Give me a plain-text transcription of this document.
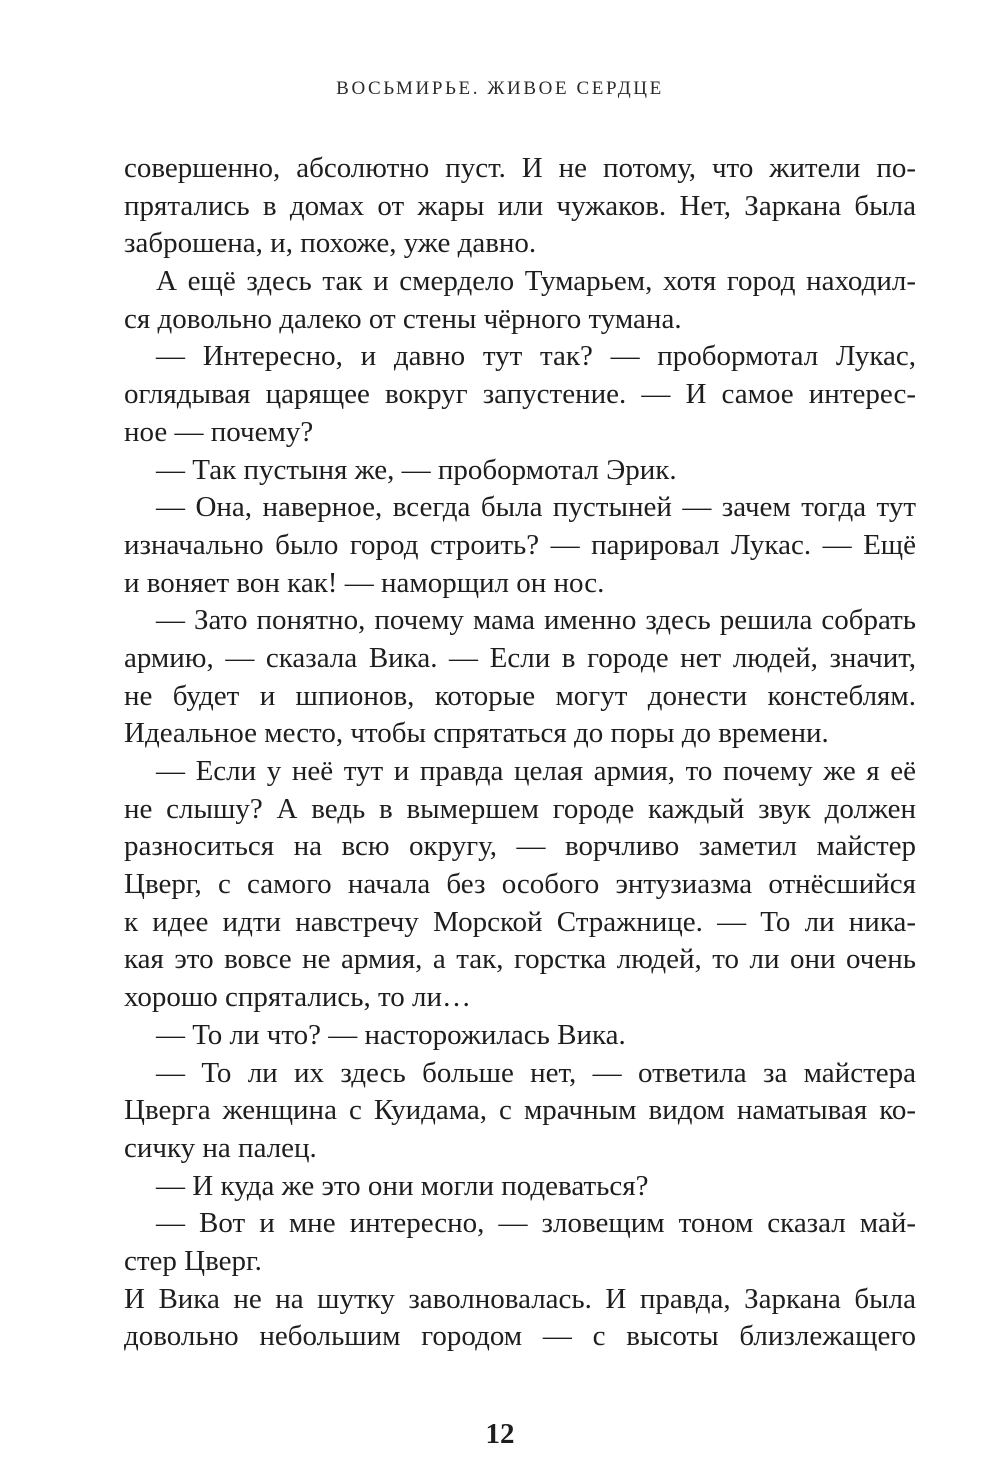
ВОСЬМИРЬЕ. ЖИВОЕ СЕРДЦЕ
совершенно, абсолютно пуст. И не потому, что жители по-
прятались в домах от жары или чужаков. Нет, Заркана была
заброшена, и, похоже, уже давно.
А ещё здесь так и смердело Тумарьем, хотя город находил-
ся довольно далеко от стены чёрного тумана.
— Интересно, и давно тут так? — пробормотал Лукас,
оглядывая царящее вокруг запустение. — И самое интерес-
ное — почему?
— Так пустыня же, — пробормотал Эрик.
— Она, наверное, всегда была пустыней — зачем тогда тут
изначально было город строить? — парировал Лукас. — Ещё
и воняет вон как! — наморщил он нос.
— Зато понятно, почему мама именно здесь решила собрать
армию, — сказала Вика. — Если в городе нет людей, значит,
не будет и шпионов, которые могут донести констеблям.
Идеальное место, чтобы спрятаться до поры до времени.
— Если у неё тут и правда целая армия, то почему же я её
не слышу? А ведь в вымершем городе каждый звук должен
разноситься на всю округу, — ворчливо заметил майстер
Цверг, с самого начала без особого энтузиазма отнёсшийся
к идее идти навстречу Морской Стражнице. — То ли ника-
кая это вовсе не армия, а так, горстка людей, то ли они очень
хорошо спрятались, то ли…
— То ли что? — насторожилась Вика.
— То ли их здесь больше нет, — ответила за майстера
Цверга женщина с Куидама, с мрачным видом наматывая ко-
сичку на палец.
— И куда же это они могли подеваться?
— Вот и мне интересно, — зловещим тоном сказал май-
стер Цверг.
И Вика не на шутку заволновалась. И правда, Заркана была
довольно небольшим городом — с высоты близлежащего
12
